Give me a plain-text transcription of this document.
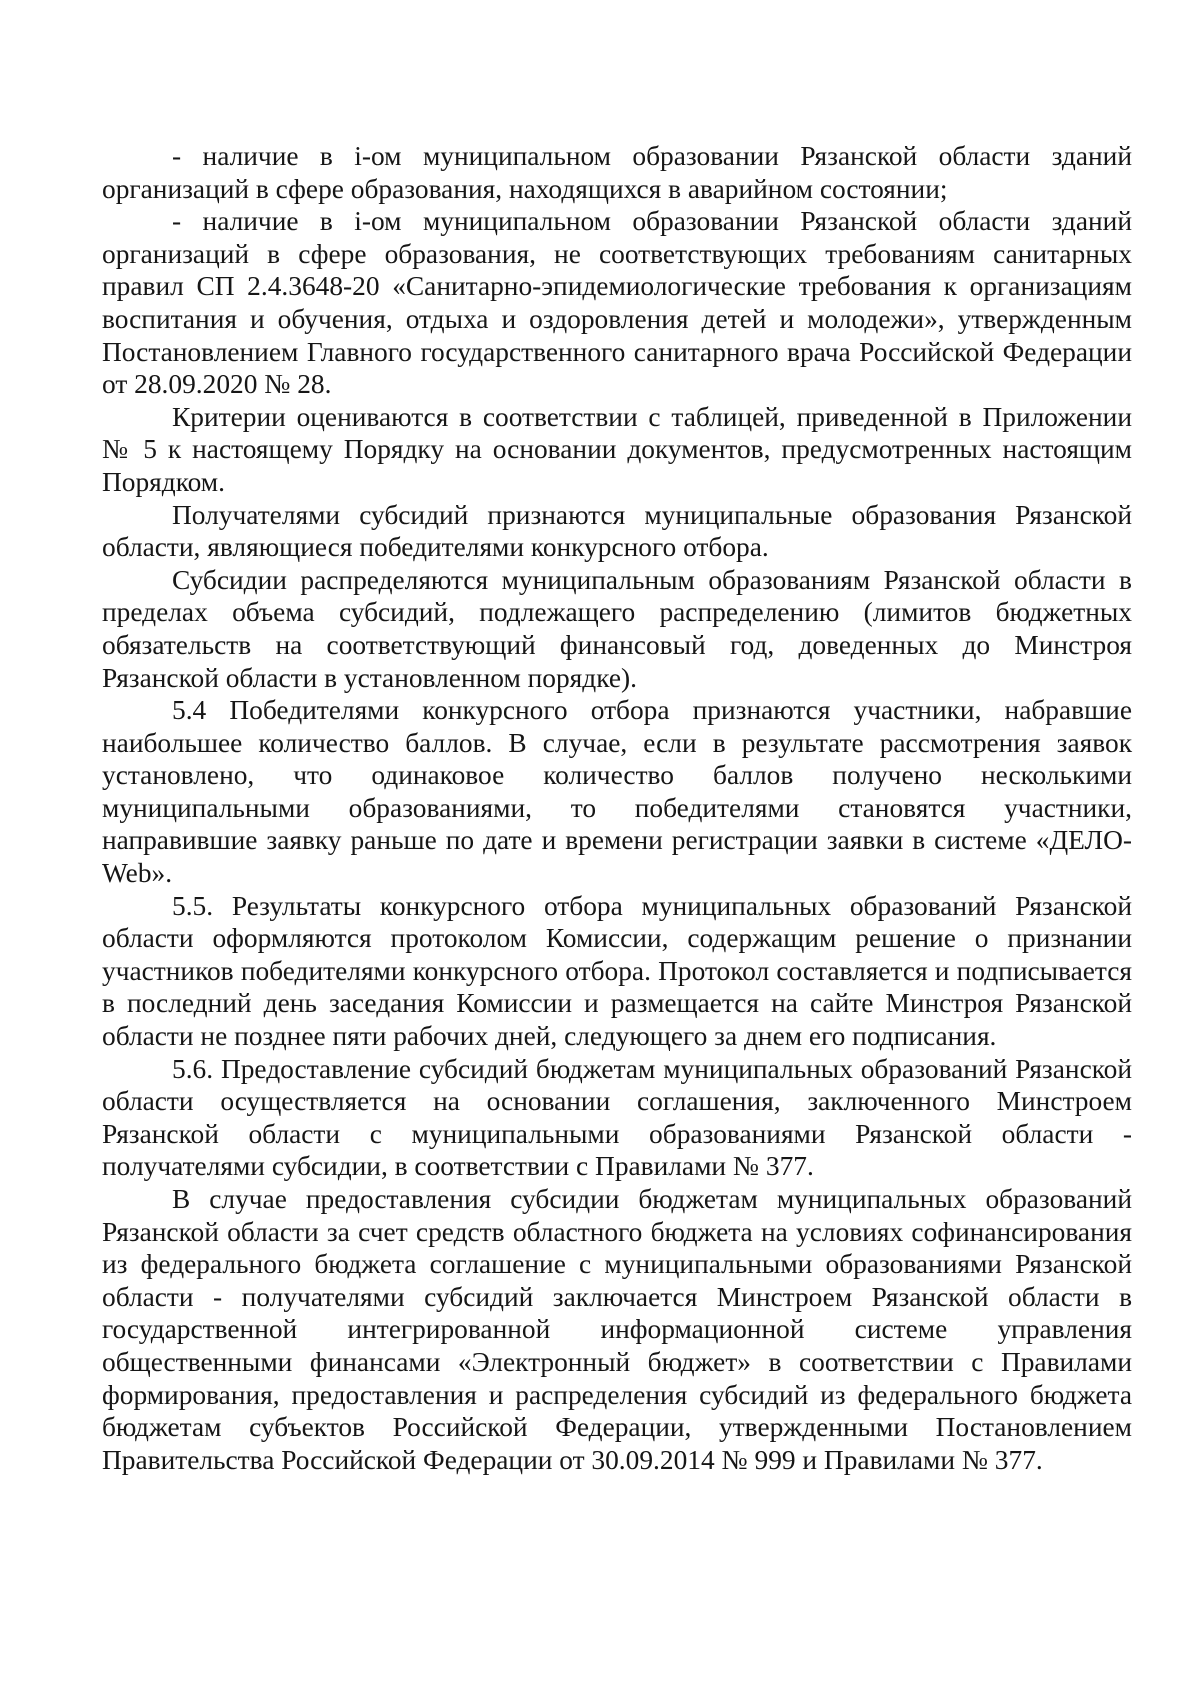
- наличие в i-ом муниципальном образовании Рязанской области зданий организаций в сфере образования, находящихся в аварийном состоянии;

- наличие в i-ом муниципальном образовании Рязанской области зданий организаций в сфере образования, не соответствующих требованиям санитарных правил СП 2.4.3648-20 «Санитарно-эпидемиологические требования к организациям воспитания и обучения, отдыха и оздоровления детей и молодежи», утвержденным Постановлением Главного государственного санитарного врача Российской Федерации от 28.09.2020 № 28.

Критерии оцениваются в соответствии с таблицей, приведенной в Приложении № 5 к настоящему Порядку на основании документов, предусмотренных настоящим Порядком.

Получателями субсидий признаются муниципальные образования Рязанской области, являющиеся победителями конкурсного отбора.

Субсидии распределяются муниципальным образованиям Рязанской области в пределах объема субсидий, подлежащего распределению (лимитов бюджетных обязательств на соответствующий финансовый год, доведенных до Минстроя Рязанской области в установленном порядке).

5.4 Победителями конкурсного отбора признаются участники, набравшие наибольшее количество баллов. В случае, если в результате рассмотрения заявок установлено, что одинаковое количество баллов получено несколькими муниципальными образованиями, то победителями становятся участники, направившие заявку раньше по дате и времени регистрации заявки в системе «ДЕЛО-Web».

5.5. Результаты конкурсного отбора муниципальных образований Рязанской области оформляются протоколом Комиссии, содержащим решение о признании участников победителями конкурсного отбора. Протокол составляется и подписывается в последний день заседания Комиссии и размещается на сайте Минстроя Рязанской области не позднее пяти рабочих дней, следующего за днем его подписания.

5.6. Предоставление субсидий бюджетам муниципальных образований Рязанской области осуществляется на основании соглашения, заключенного Минстроем Рязанской области с муниципальными образованиями Рязанской области - получателями субсидии, в соответствии с Правилами № 377.

В случае предоставления субсидии бюджетам муниципальных образований Рязанской области за счет средств областного бюджета на условиях софинансирования из федерального бюджета соглашение с муниципальными образованиями Рязанской области - получателями субсидий заключается Минстроем Рязанской области в государственной интегрированной информационной системе управления общественными финансами «Электронный бюджет» в соответствии с Правилами формирования, предоставления и распределения субсидий из федерального бюджета бюджетам субъектов Российской Федерации, утвержденными Постановлением Правительства Российской Федерации от 30.09.2014 № 999 и Правилами № 377.
